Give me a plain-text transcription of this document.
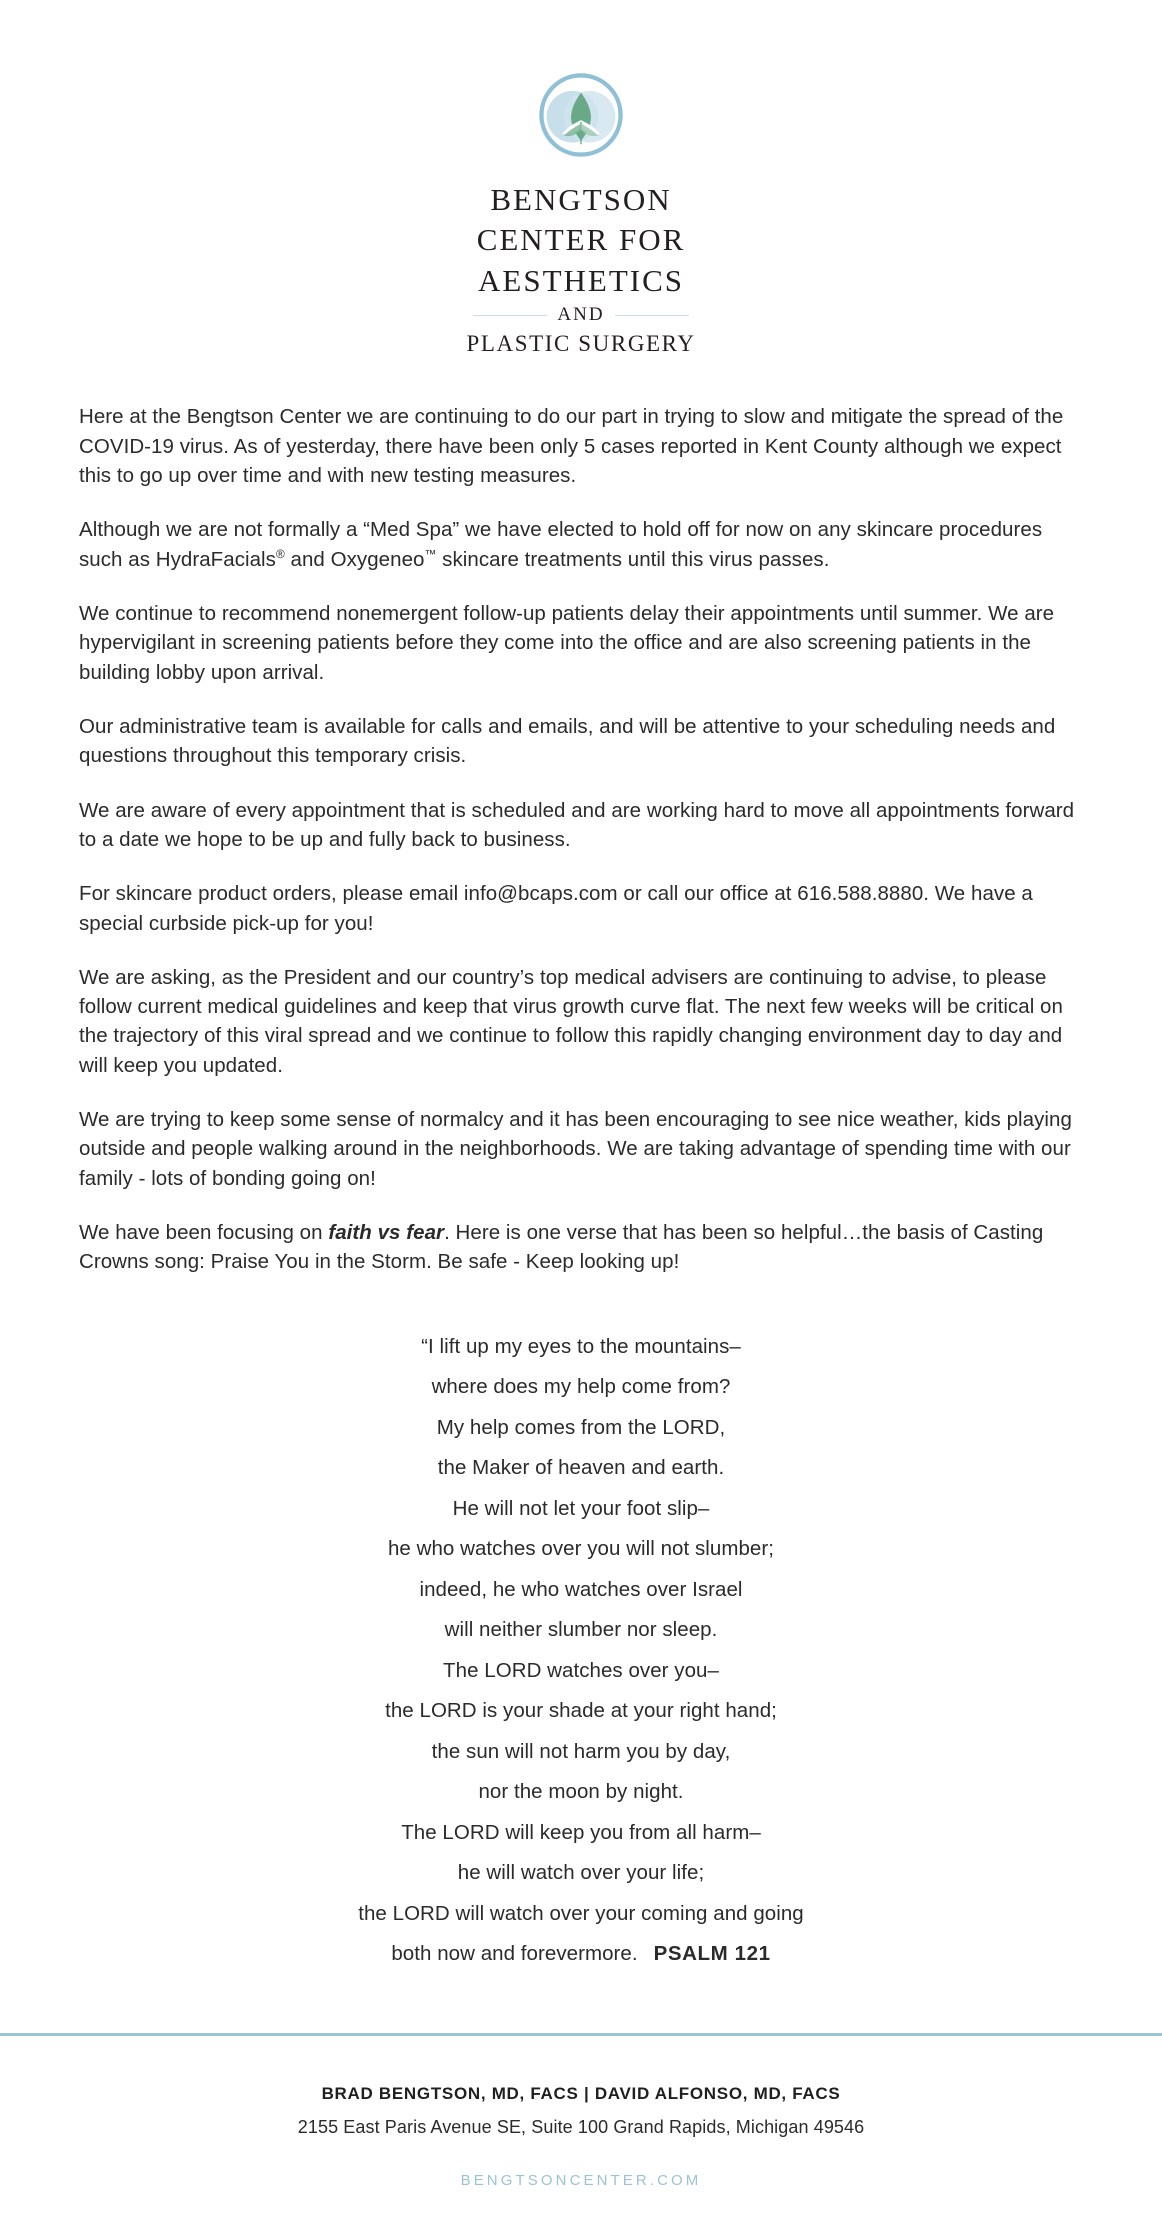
BENGTSON
CENTER FOR
AESTHETICS
AND
PLASTIC SURGERY

Here at the Bengtson Center we are continuing to do our part in trying to slow and mitigate the spread of the COVID-19 virus. As of yesterday, there have been only 5 cases reported in Kent County although we expect this to go up over time and with new testing measures.

Although we are not formally a “Med Spa” we have elected to hold off for now on any skincare procedures such as HydraFacials® and Oxygeneo™ skincare treatments until this virus passes.

We continue to recommend nonemergent follow-up patients delay their appointments until summer. We are hypervigilant in screening patients before they come into the office and are also screening patients in the building lobby upon arrival.

Our administrative team is available for calls and emails, and will be attentive to your scheduling needs and questions throughout this temporary crisis.

We are aware of every appointment that is scheduled and are working hard to move all appointments forward to a date we hope to be up and fully back to business.

For skincare product orders, please email info@bcaps.com or call our office at 616.588.8880. We have a special curbside pick-up for you!

We are asking, as the President and our country’s top medical advisers are continuing to advise, to please follow current medical guidelines and keep that virus growth curve flat. The next few weeks will be critical on the trajectory of this viral spread and we continue to follow this rapidly changing environment day to day and will keep you updated.

We are trying to keep some sense of normalcy and it has been encouraging to see nice weather, kids playing outside and people walking around in the neighborhoods. We are taking advantage of spending time with our family - lots of bonding going on!

We have been focusing on faith vs fear. Here is one verse that has been so helpful…the basis of Casting Crowns song: Praise You in the Storm. Be safe - Keep looking up!

“I lift up my eyes to the mountains–
where does my help come from?
My help comes from the LORD,
the Maker of heaven and earth.
He will not let your foot slip–
he who watches over you will not slumber;
indeed, he who watches over Israel
will neither slumber nor sleep.
The LORD watches over you–
the LORD is your shade at your right hand;
the sun will not harm you by day,
nor the moon by night.
The LORD will keep you from all harm–
he will watch over your life;
the LORD will watch over your coming and going
both now and forevermore. PSALM 121
BRAD BENGTSON, MD, FACS | DAVID ALFONSO, MD, FACS
2155 East Paris Avenue SE, Suite 100 Grand Rapids, Michigan 49546
BENGTSONCENTER.COM
